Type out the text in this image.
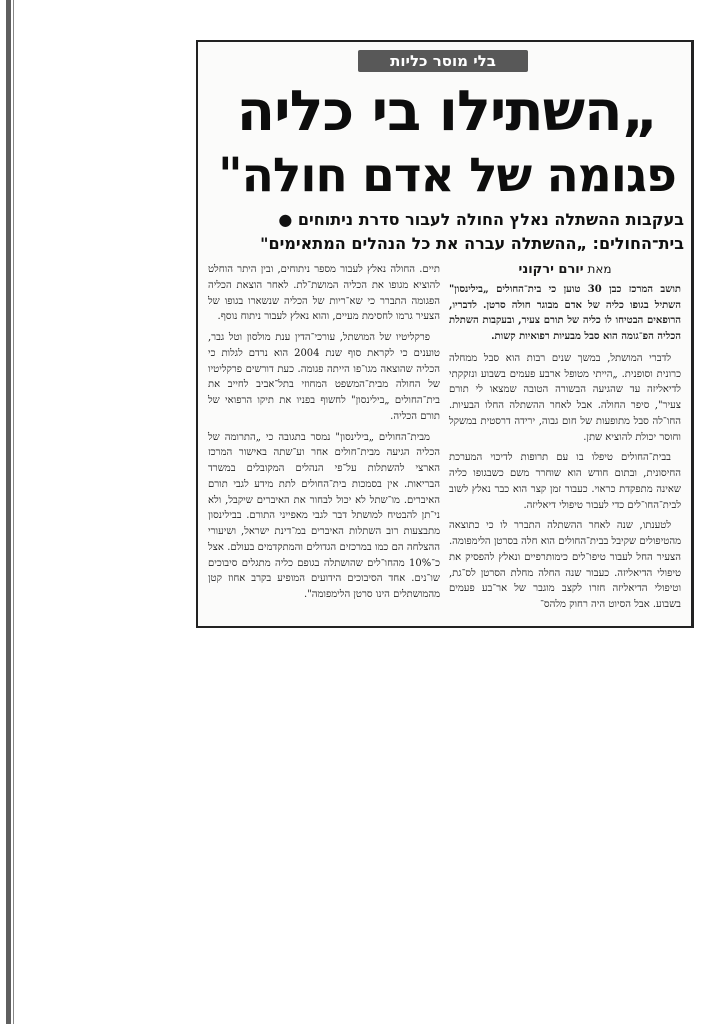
בלי מוסר כליות
„השתילו בי כליה
פגומה של אדם חולה"
בעקבות ההשתלה נאלץ החולה לעבור סדרת ניתוחים ●
בית־החולים: „ההשתלה עברה את כל הנהלים המתאימים"
מאת יורם ירקוני

תושב המרכז כבן 30 טוען כי בית־החולים „בילינסון" השתיל בגופו כליה של אדם מבוגר חולה סרטן. לדבריו, הרופאים הבטיחו לו כליה של תורם צעיר, ובעקבות השתלת הכליה הפ־גומה הוא סבל מבעיות רפואיות קשות.

לדברי המושתל, במשך שנים רבות הוא סבל ממחלה כרונית וסופנית. „הייתי מטופל ארבע פעמים בשבוע ונזקקתי לדיאליזה עד שהגיעה הבשורה הטובה שמצאו לי תורם צעיר", סיפר החולה. אבל לאחר ההשתלה החלו הבעיות. החו־לה סבל מתופעות של חום גבוה, ירידה דרסטית במשקל וחוסר יכולת להוציא שתן.

בבית־החולים טיפלו בו עם תרופות לדיכוי המערכת החיסונית, ובתום חודש הוא שוחרר משם כשבגופו כליה שאינה מתפקדת כראוי. כעבור זמן קצר הוא כבר נאלץ לשוב לבית־החו־לים כדי לעבור טיפולי דיאליזה.

לטענתו, שנה לאחר ההשתלה התברר לו כי כתוצאה מהטיפולים שקיבל בבית־החולים הוא חלה בסרטן הלימפומה. הצעיר החל לעבור טיפו־לים כימותרפיים ונאלץ להפסיק את טיפולי הדיאליזה. כעבור שנה החלה מחלת הסרטן לס־גת, וטיפולי הדיאליזה חזרו לקצב מוגבר של אר־בע פעמים בשבוע. אבל הסיוט היה רחוק מלהס־

תיים. החולה נאלץ לעבור מספר ניתוחים, ובין היתר הוחלט להוציא מגופו את הכליה המושת־לת. לאחר הוצאת הכליה הפגומה התברר כי שא־ריות של הכליה שנשארו בגופו של הצעיר גרמו לחסימת מעיים, והוא נאלץ לעבור ניתוח נוסף.

פרקליטיו של המושתל, עורכי־הדין ענת מולסון וטל גבר, טוענים כי לקראת סוף שנת 2004 הוא נרדם לגלות כי הכליה שהוצאה מגו־פו הייתה פגומה. כעת דורשים פרקליטיו של החולה מבית־המשפט המחוזי בתל־אביב לחייב את בית־החולים „בילינסון" לחשוף בפניו את תיקו הרפואי של תורם הכליה.

מבית־החולים „בילינסון" נמסר בתגובה כי „התרומה של הכליה הגיעה מבית־חולים אחר וע־שתה באישור המרכז הארצי להשתלות על־פי הנהלים המקובלים במשרד הבריאות. אין בסמכות בית־החולים לתת מידע לגבי תורם האיברים. מו־שתל לא יכול לבחור את האיברים שיקבל, ולא ני־תן להבטיח למושתל דבר לגבי מאפייני התורם. בבילינסון מתבצעות רוב השתלות האיברים במ־דינת ישראל, ושיעורי ההצלחה הם כמו במרכזים הגדולים והמתקדמים בעולם. אצל כ־10% מהחו־לים שהושתלה בגופם כליה מתגלים סיבוכים שו־נים. אחד הסיבוכים הידועים המופיע בקרב אחוז קטן מהמושתלים הינו סרטן הלימפומה".
